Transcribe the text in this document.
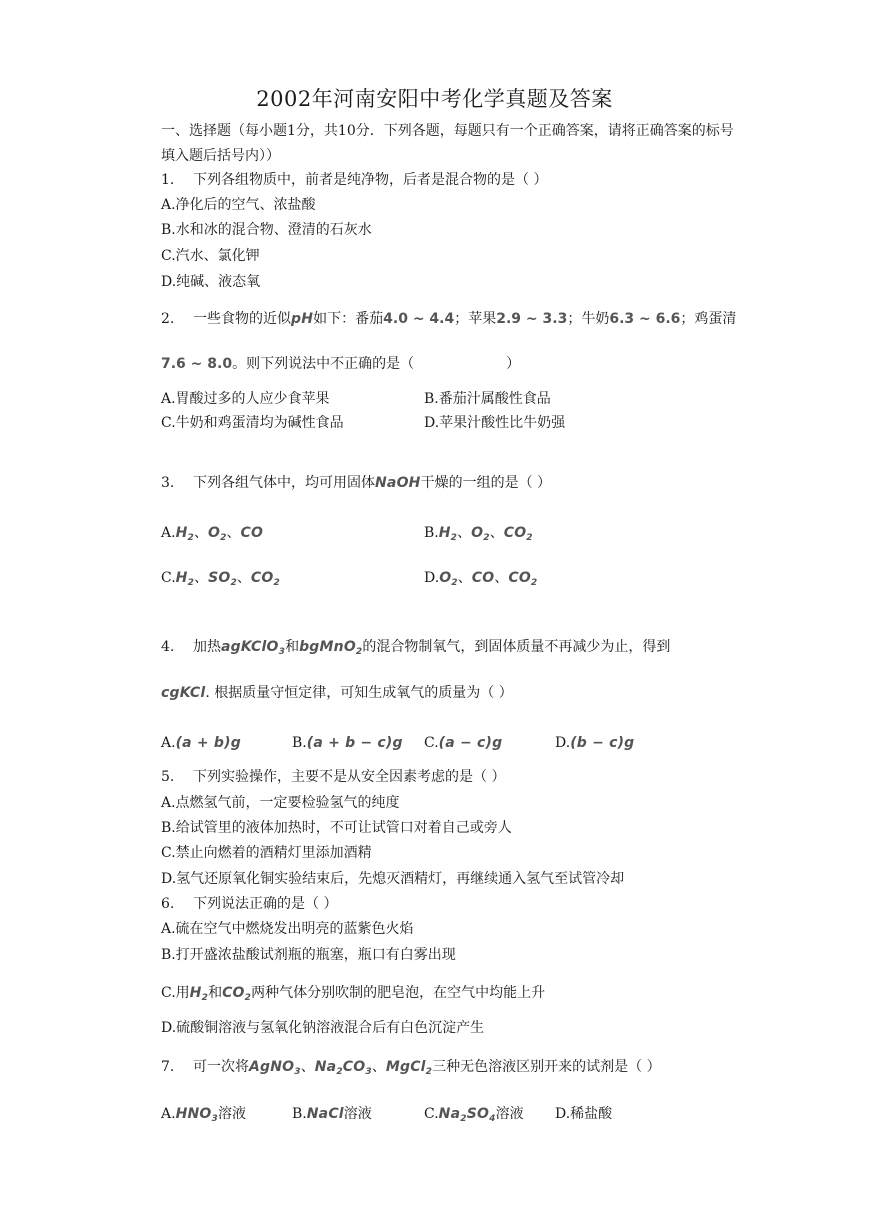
2002年河南安阳中考化学真题及答案
一、选择题（每小题1分，共10分．下列各题，每题只有一个正确答案，请将正确答案的标号填入题后括号内））
1. 下列各组物质中，前者是纯净物，后者是混合物的是（ ）
A.净化后的空气、浓盐酸
B.水和冰的混合物、澄清的石灰水
C.汽水、氯化钾
D.纯碱、液态氧
2. 一些食物的近似pH如下：番茄4.0 ~ 4.4；苹果2.9 ~ 3.3；牛奶6.3 ~ 6.6；鸡蛋清
7.6 ~ 8.0。则下列说法中不正确的是（	）
A.胃酸过多的人应少食苹果	B.番茄汁属酸性食品
C.牛奶和鸡蛋清均为碱性食品	D.苹果汁酸性比牛奶强
3. 下列各组气体中，均可用固体NaOH干燥的一组的是（ ）
$A.H_2$、$O_2$、CO	$B.H_2$、$O_2$、$CO_2$
$C.H_2$、$SO_2$、$CO_2$	$D.O_2$、CO、$CO_2$
4. 加热agKClO$_3$和bgMnO$_2$的混合物制氧气，到固体质量不再减少为止，得到
cgKCl. 根据质量守恒定律，可知生成氧气的质量为（ ）
A.(a + b)g	B.(a + b − c)g C.(a − c)g	D.(b − c)g
5. 下列实验操作，主要不是从安全因素考虑的是（ ）
A.点燃氢气前，一定要检验氢气的纯度
B.给试管里的液体加热时，不可让试管口对着自己或旁人
C.禁止向燃着的酒精灯里添加酒精
D.氢气还原氧化铜实验结束后，先熄灭酒精灯，再继续通入氢气至试管冷却
6. 下列说法正确的是（ ）
A.硫在空气中燃烧发出明亮的蓝紫色火焰
B.打开盛浓盐酸试剂瓶的瓶塞，瓶口有白雾出现
C.用$H_2$和$CO_2$两种气体分别吹制的肥皂泡，在空气中均能上升
D.硫酸铜溶液与氢氧化钠溶液混合后有白色沉淀产生
7. 可一次将AgNO$_3$、$Na_2CO_3$、MgCl$_2$三种无色溶液区别开来的试剂是（ ）
$A.HNO_3$溶液	B.NaCl溶液	$C.Na_2SO_4$溶液 D.稀盐酸
